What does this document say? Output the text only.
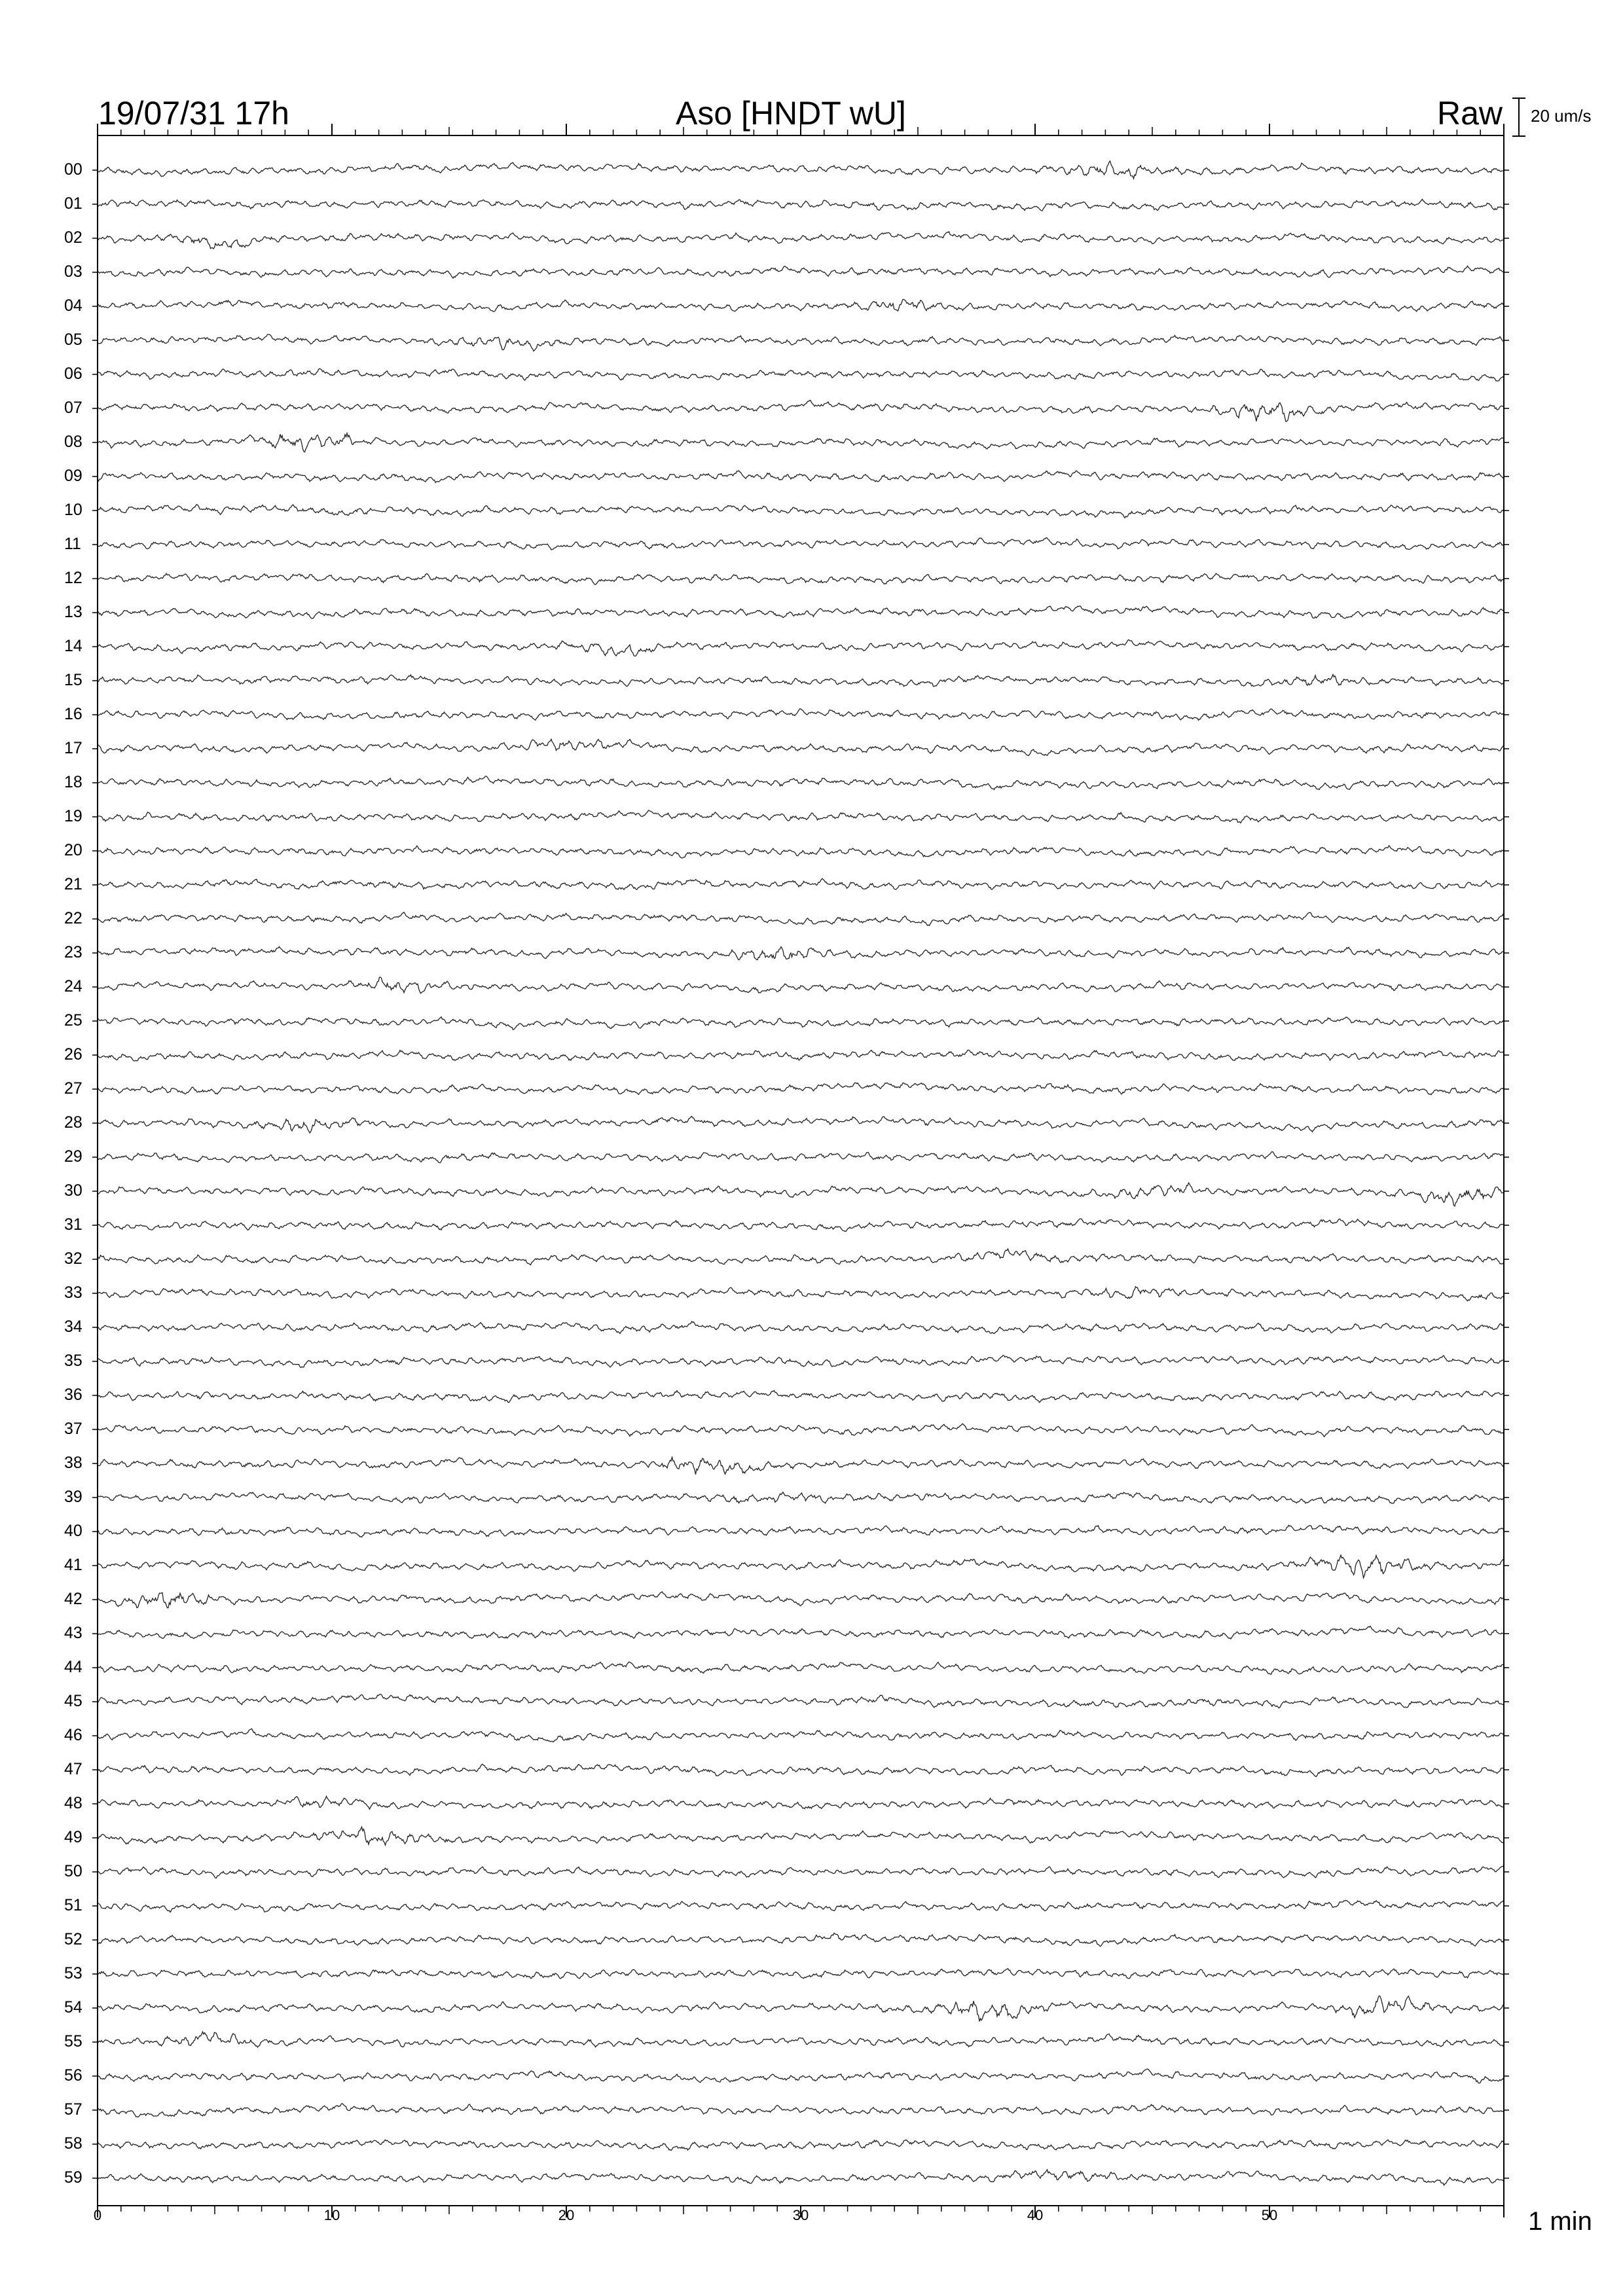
19/07/31 17h	Aso [HNDT wU]	Raw 20 um/s
1 min
00
01
02
03
04
05
06
07
08
09
10
11
12
13
14
15
16
17
18
19
20
21
22
23
24
25
26
27
28
29
30
31
32
33
34
35
36
37
38
39
40
41
42
43
44
45
46
47
48
49
50
51
52
53
54
55
56
57
58
59
0	10	20	30	40	50
